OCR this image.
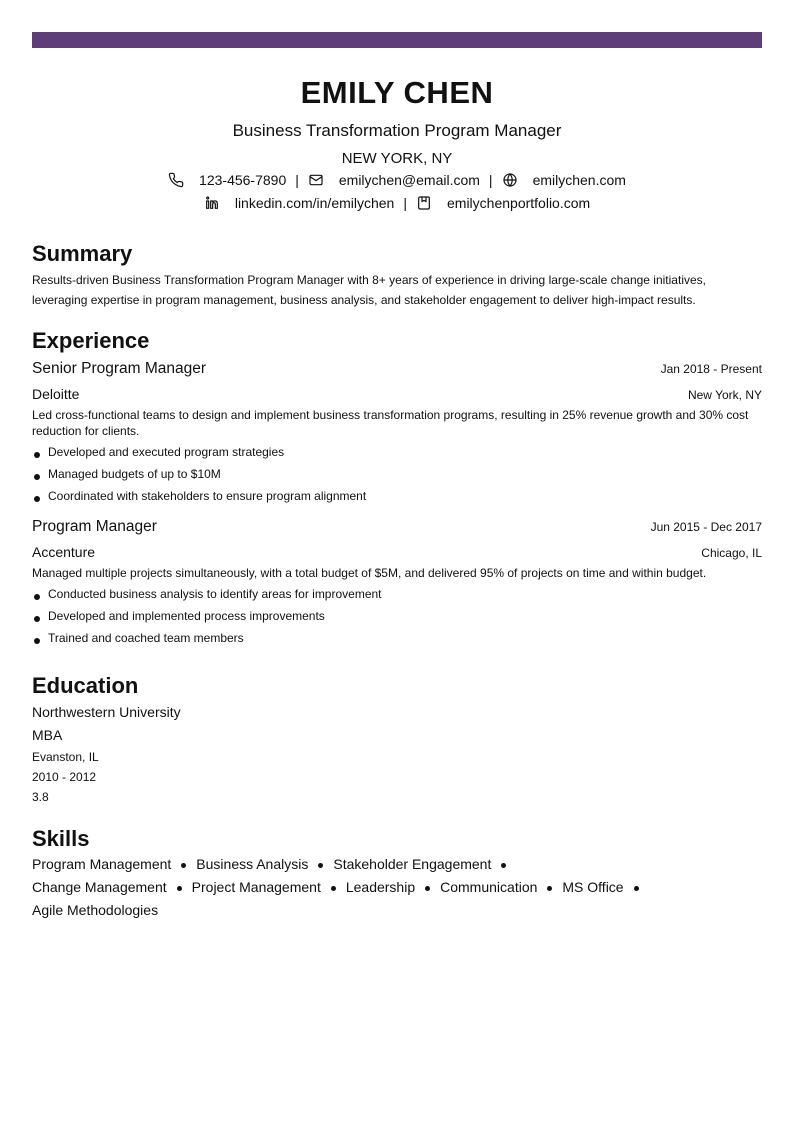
EMILY CHEN
Business Transformation Program Manager
NEW YORK, NY
123-456-7890 |	emilychen@email.com |	emilychen.com
linkedin.com/in/emilychen |	emilychenportfolio.com
Summary
Results-driven Business Transformation Program Manager with 8+ years of experience in driving large-scale change initiatives, leveraging expertise in program management, business analysis, and stakeholder engagement to deliver high-impact results.
Experience
Senior Program Manager	Jan 2018 - Present
Deloitte	New York, NY
Led cross-functional teams to design and implement business transformation programs, resulting in 25% revenue growth and 30% cost reduction for clients.
Developed and executed program strategies
Managed budgets of up to $10M
Coordinated with stakeholders to ensure program alignment
Program Manager	Jun 2015 - Dec 2017
Accenture	Chicago, IL
Managed multiple projects simultaneously, with a total budget of $5M, and delivered 95% of projects on time and within budget.
Conducted business analysis to identify areas for improvement
Developed and implemented process improvements
Trained and coached team members
Education
Northwestern University
MBA
Evanston, IL
2010 - 2012
3.8
Skills
Program Management Business Analysis Stakeholder Engagement
Change Management Project Management Leadership Communication MS Office
Agile Methodologies
